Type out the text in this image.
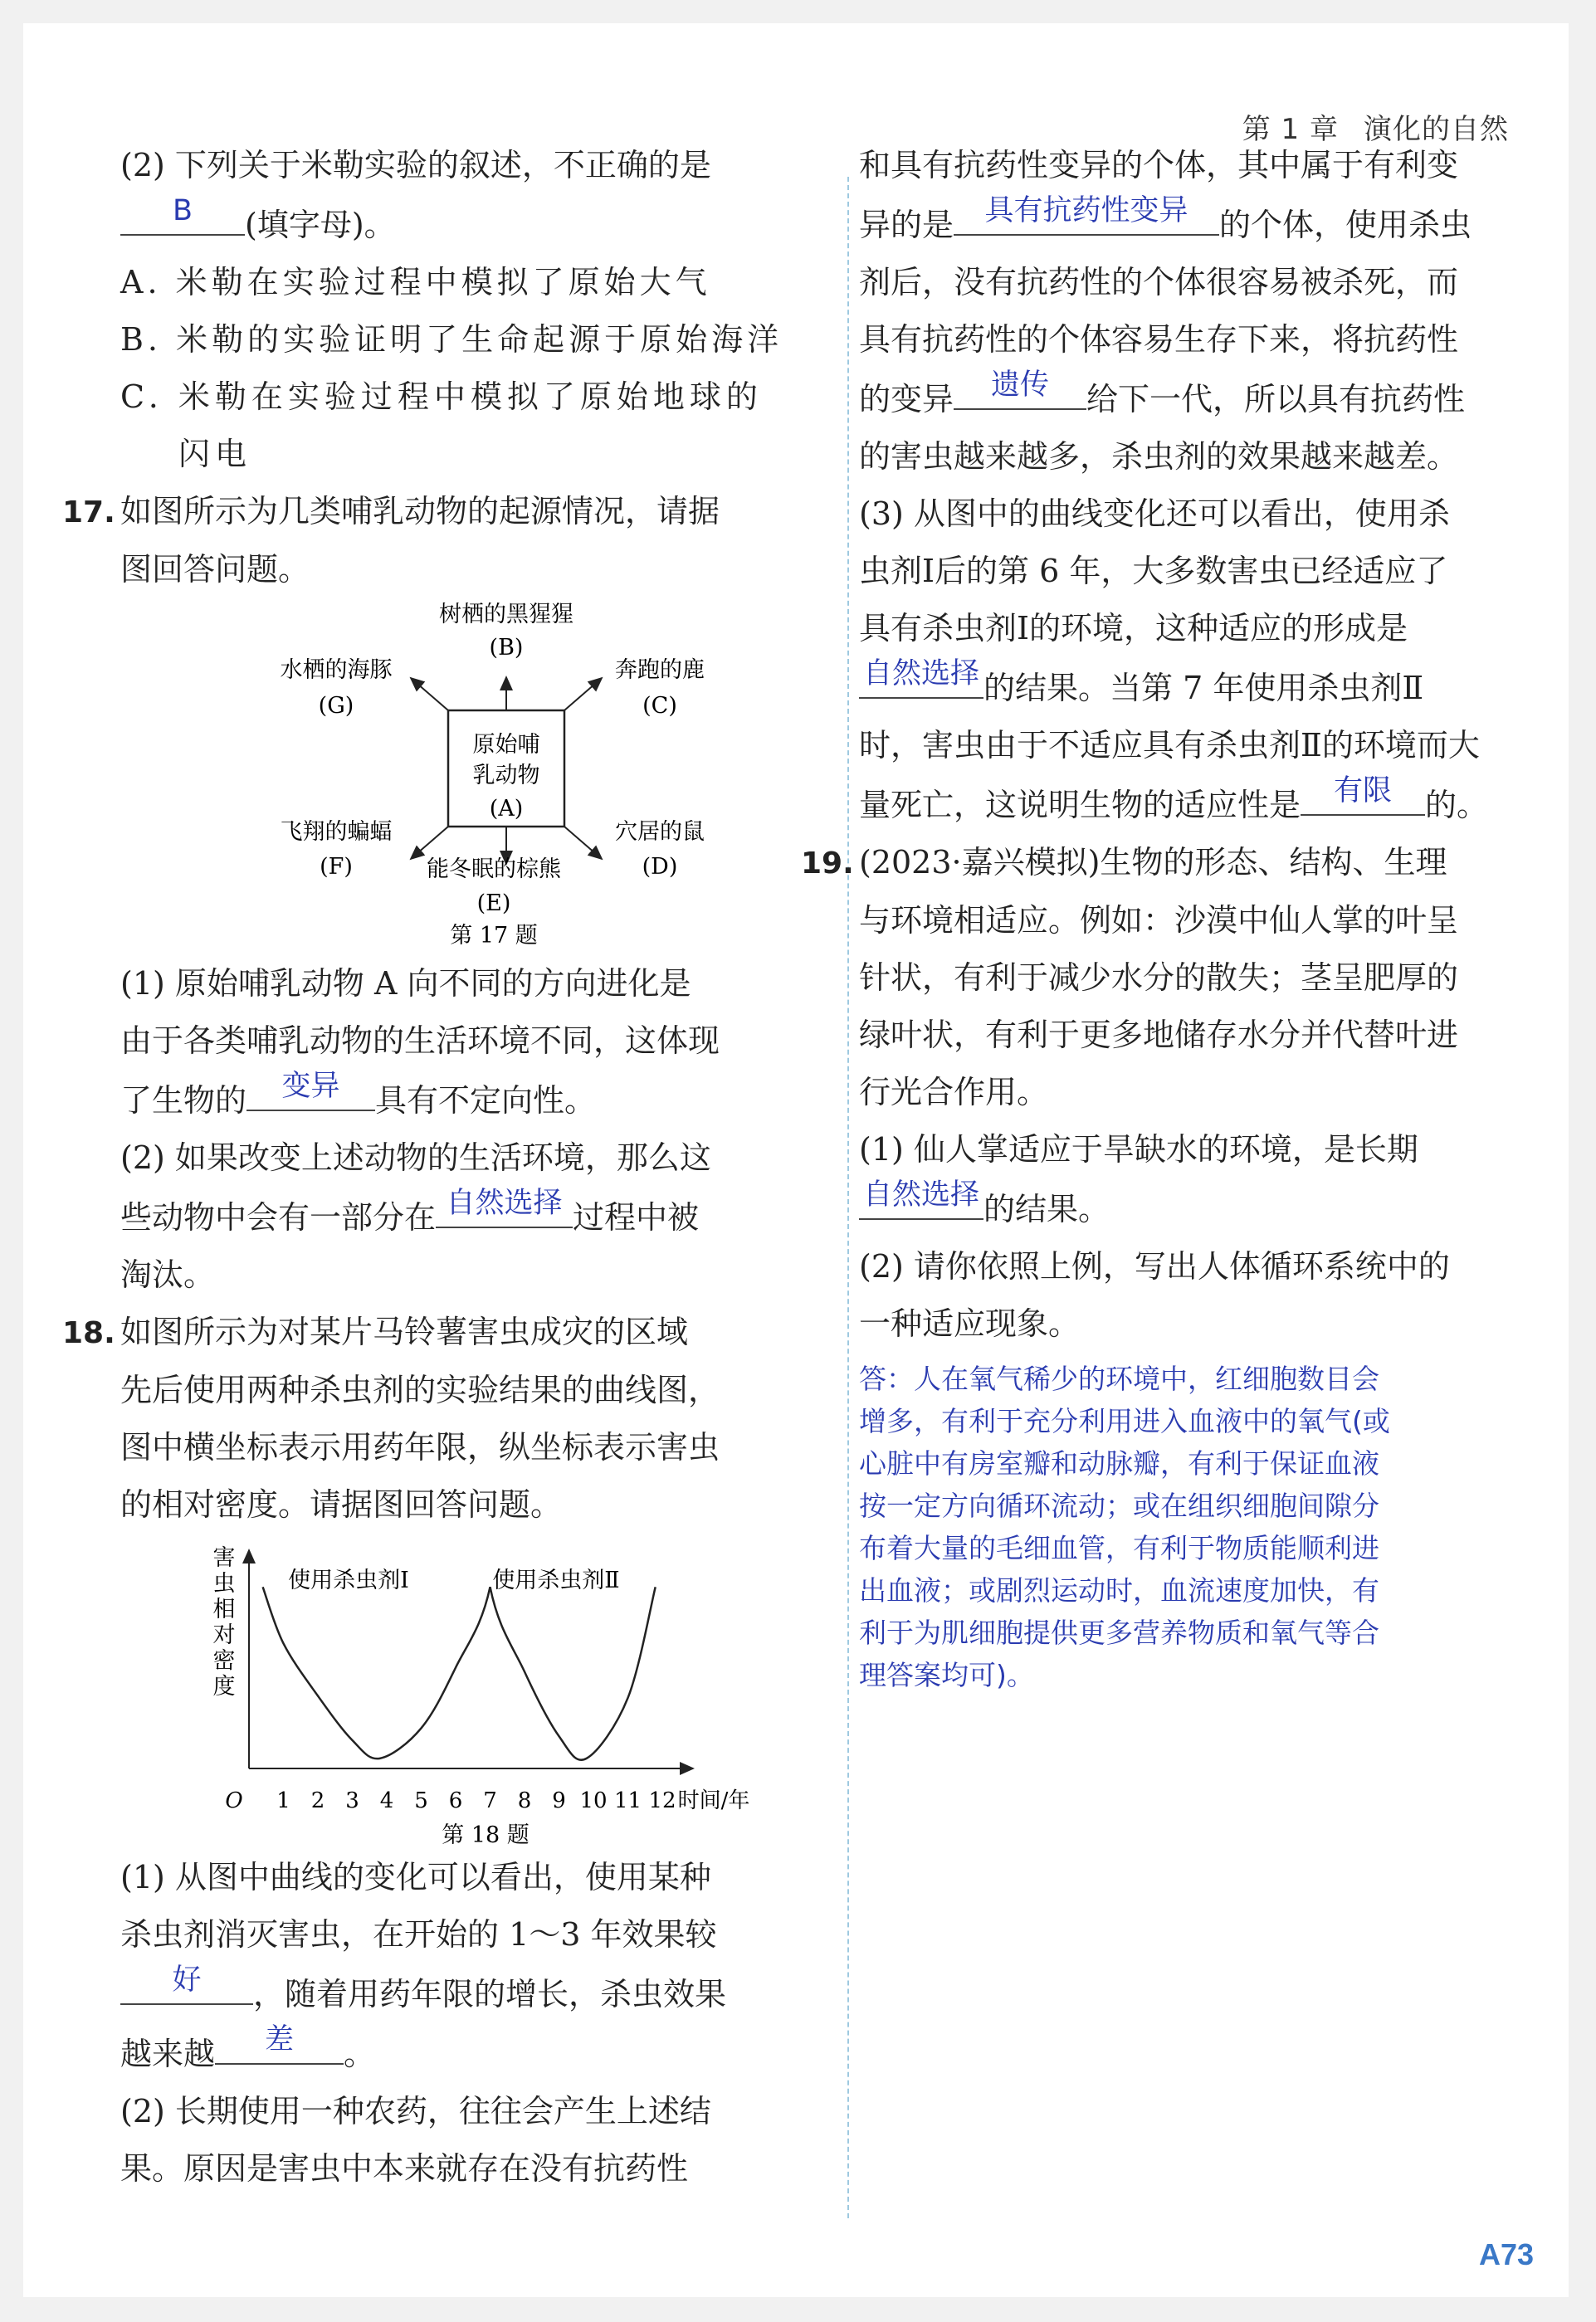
第 1 章 演化的自然

(2) 下列关于米勒实验的叙述，不正确的是

B	(填字母)。

A. 米勒在实验过程中模拟了原始大气

B. 米勒的实验证明了生命起源于原始海洋

C. 米勒在实验过程中模拟了原始地球的

闪电

17. 如图所示为几类哺乳动物的起源情况，请据

图回答问题。

原始哺
乳动物
(A)
树栖的黑猩猩
(B)
水栖的海豚
(G)
奔跑的鹿
(C)
飞翔的蝙蝠
(F)
穴居的鼠
(D)
能冬眠的棕熊
(E)
第 17 题

(1) 原始哺乳动物 A 向不同的方向进化是

由于各类哺乳动物的生活环境不同，这体现

了生物的	变异	具有不定向性。

(2) 如果改变上述动物的生活环境，那么这

些动物中会有一部分在 自然选择 过程中被

淘汰。

18. 如图所示为对某片马铃薯害虫成灾的区域

先后使用两种杀虫剂的实验结果的曲线图，

图中横坐标表示用药年限，纵坐标表示害虫

的相对密度。请据图回答问题。

害
虫
相
对
密
度
O 1 2 3 4 5 6 7 8 9 10 11 12 时间/年
使用杀虫剂Ⅰ	使用杀虫剂Ⅱ
第 18 题

(1) 从图中曲线的变化可以看出，使用某种

杀虫剂消灭害虫，在开始的 1～3 年效果较

好	，随着用药年限的增长，杀虫效果

越来越	差	。

(2) 长期使用一种农药，往往会产生上述结

果。原因是害虫中本来就存在没有抗药性

和具有抗药性变异的个体，其中属于有利变

异的是	具有抗药性变异 的个体，使用杀虫

剂后，没有抗药性的个体很容易被杀死，而

具有抗药性的个体容易生存下来，将抗药性

的变异	遗传	给下一代，所以具有抗药性

的害虫越来越多，杀虫剂的效果越来越差。

(3) 从图中的曲线变化还可以看出，使用杀

虫剂Ⅰ后的第 6 年，大多数害虫已经适应了

具有杀虫剂Ⅰ的环境，这种适应的形成是

自然选择 的结果。当第 7 年使用杀虫剂Ⅱ

时，害虫由于不适应具有杀虫剂Ⅱ的环境而大

量死亡，这说明生物的适应性是	有限	的。

19. (2023·嘉兴模拟)生物的形态、结构、生理

与环境相适应。例如：沙漠中仙人掌的叶呈

针状，有利于减少水分的散失；茎呈肥厚的

绿叶状，有利于更多地储存水分并代替叶进

行光合作用。

(1) 仙人掌适应于旱缺水的环境，是长期

自然选择 的结果。

(2) 请你依照上例，写出人体循环系统中的

一种适应现象。

答：人在氧气稀少的环境中，红细胞数目会
增多，有利于充分利用进入血液中的氧气(或
心脏中有房室瓣和动脉瓣，有利于保证血液
按一定方向循环流动；或在组织细胞间隙分
布着大量的毛细血管，有利于物质能顺利进
出血液；或剧烈运动时，血流速度加快，有
利于为肌细胞提供更多营养物质和氧气等合
理答案均可)。
A73
